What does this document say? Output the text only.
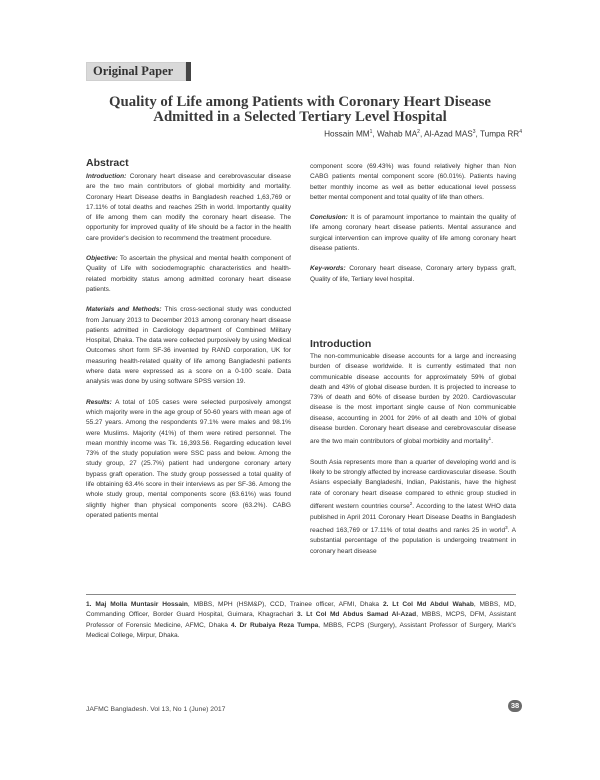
Original Paper
Quality of Life among Patients with Coronary Heart Disease
Admitted in a Selected Tertiary Level Hospital
Hossain $MM^1$, Wahab $MA^2$, Al-Azad MAS$^3$, Tumpa $RR^4$
Abstract

Introduction: Coronary heart disease and cerebrovascular disease are the two main contributors of global morbidity and mortality. Coronary Heart Disease deaths in Bangladesh reached 1,63,769 or 17.11% of total deaths and reaches 25th in world. Importantly quality of life among them can modify the coronary heart disease. The opportunity for improved quality of life should be a factor in the health care provider's decision to recommend the treatment procedure.

Objective: To ascertain the physical and mental health component of Quality of Life with sociodemographic characteristics and health-related morbidity status among admitted coronary heart disease patients.

Materials and Methods: This cross-sectional study was conducted from January 2013 to December 2013 among coronary heart disease patients admitted in Cardiology department of Combined Military Hospital, Dhaka. The data were collected purposively by using Medical Outcomes short form SF-36 invented by RAND corporation, UK for measuring health-related quality of life among Bangladeshi patients where data were expressed as a score on a 0-100 scale. Data analysis was done by using software SPSS version 19.

Results: A total of 105 cases were selected purposively amongst which majority were in the age group of 50-60 years with mean age of 55.27 years. Among the respondents 97.1% were males and 98.1% were Muslims. Majority (41%) of them were retired personnel. The mean monthly income was Tk. 16,393.56. Regarding education level 73% of the study population were SSC pass and below. Among the study group, 27 (25.7%) patient had undergone coronary artery bypass graft operation. The study group possessed a total quality of life obtaining 63.4% score in their interviews as per SF-36. Among the whole study group, mental components score (63.61%) was found slightly higher than physical components score (63.2%). CABG operated patients mental

component score (69.43%) was found relatively higher than Non CABG patients mental component score (60.01%). Patients having better monthly income as well as better educational level possess better mental component and total quality of life than others.

Conclusion: It is of paramount importance to maintain the quality of life among coronary heart disease patients. Mental assurance and surgical intervention can improve quality of life among coronary heart disease patients.

Key-words: Coronary heart disease, Coronary artery bypass graft, Quality of life, Tertiary level hospital.

Introduction

The non-communicable disease accounts for a large and increasing burden of disease worldwide. It is currently estimated that non communicable disease accounts for approximately 59% of global death and 43% of global disease burden. It is projected to increase to 73% of death and 60% of disease burden by 2020. Cardiovascular disease is the most important single cause of Non communicable disease, accounting in 2001 for 29% of all death and 10% of global disease burden. Coronary heart disease and cerebrovascular disease are the two main contributors of global morbidity and mortality$^1$.

South Asia represents more than a quarter of developing world and is likely to be strongly affected by increase cardiovascular disease. South Asians especially Bangladeshi, Indian, Pakistanis, have the highest rate of coronary heart disease compared to ethnic group studied in different western countries course$^2$. According to the latest WHO data published in April 2011 Coronary Heart Disease Deaths in Bangladesh reached 163,769 or 17.11% of total deaths and ranks 25 in world$^3$. A substantial percentage of the population is undergoing treatment in coronary heart disease

1. Maj Molla Muntasir Hossain, MBBS, MPH (HSM&P), CCD, Trainee officer, AFMI, Dhaka 2. Lt Col Md Abdul Wahab, MBBS, MD, Commanding Officer, Border Guard Hospital, Guimara, Khagrachari 3. Lt Col Md Abdus Samad Al-Azad, MBBS, MCPS, DFM, Assistant Professor of Forensic Medicine, AFMC, Dhaka 4. Dr Rubaiya Reza Tumpa, MBBS, FCPS (Surgery), Assistant Professor of Surgery, Mark's Medical College, Mirpur, Dhaka.
JAFMC Bangladesh. Vol 13, No 1 (June) 2017	38
